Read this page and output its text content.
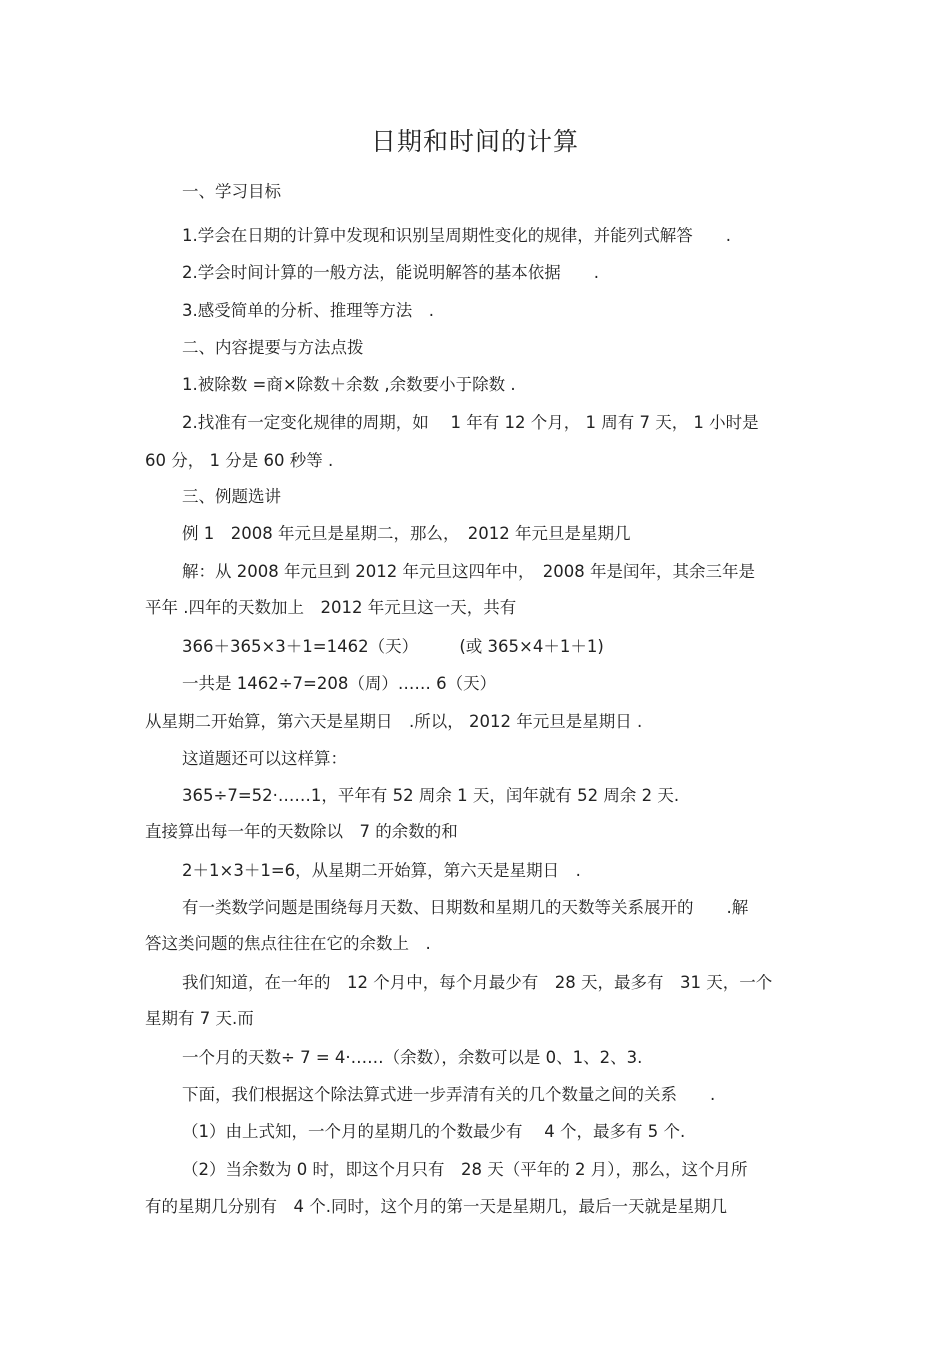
日期和时间的计算
一、学习目标
1.学会在日期的计算中发现和识别呈周期性变化的规律，并能列式解答　　.
2.学会时间计算的一般方法，能说明解答的基本依据　　.
3.感受简单的分析、推理等方法　.
二、内容提要与方法点拨
1.被除数 =商×除数＋余数 ,余数要小于除数 .
2.找准有一定变化规律的周期，如　 1 年有 12 个月， 1 周有 7 天， 1 小时是
60 分， 1 分是 60 秒等 .
三、例题选讲
例 1　2008 年元旦是星期二，那么，　2012 年元旦是星期几
解：从 2008 年元旦到 2012 年元旦这四年中，　2008 年是闰年，其余三年是
平年 .四年的天数加上　2012 年元旦这一天，共有
366＋365×3＋1=1462（天）　　　(或 365×4＋1＋1)
一共是 1462÷7=208（周）…… 6（天）
从星期二开始算，第六天是星期日　.所以， 2012 年元旦是星期日 .
这道题还可以这样算：
365÷7=52·……1，平年有 52 周余 1 天，闰年就有 52 周余 2 天.
直接算出每一年的天数除以　7 的余数的和
2＋1×3＋1=6，从星期二开始算，第六天是星期日　.
有一类数学问题是围绕每月天数、日期数和星期几的天数等关系展开的　　.解
答这类问题的焦点往往在它的余数上　.
我们知道，在一年的　12 个月中，每个月最少有　28 天，最多有　31 天，一个
星期有 7 天.而
一个月的天数÷ 7 = 4·……（余数），余数可以是 0、1、2、3.
下面，我们根据这个除法算式进一步弄清有关的几个数量之间的关系　　.
（1）由上式知，一个月的星期几的个数最少有　 4 个，最多有 5 个.
（2）当余数为 0 时，即这个月只有　28 天（平年的 2 月），那么，这个月所
有的星期几分别有　4 个.同时，这个月的第一天是星期几，最后一天就是星期几
